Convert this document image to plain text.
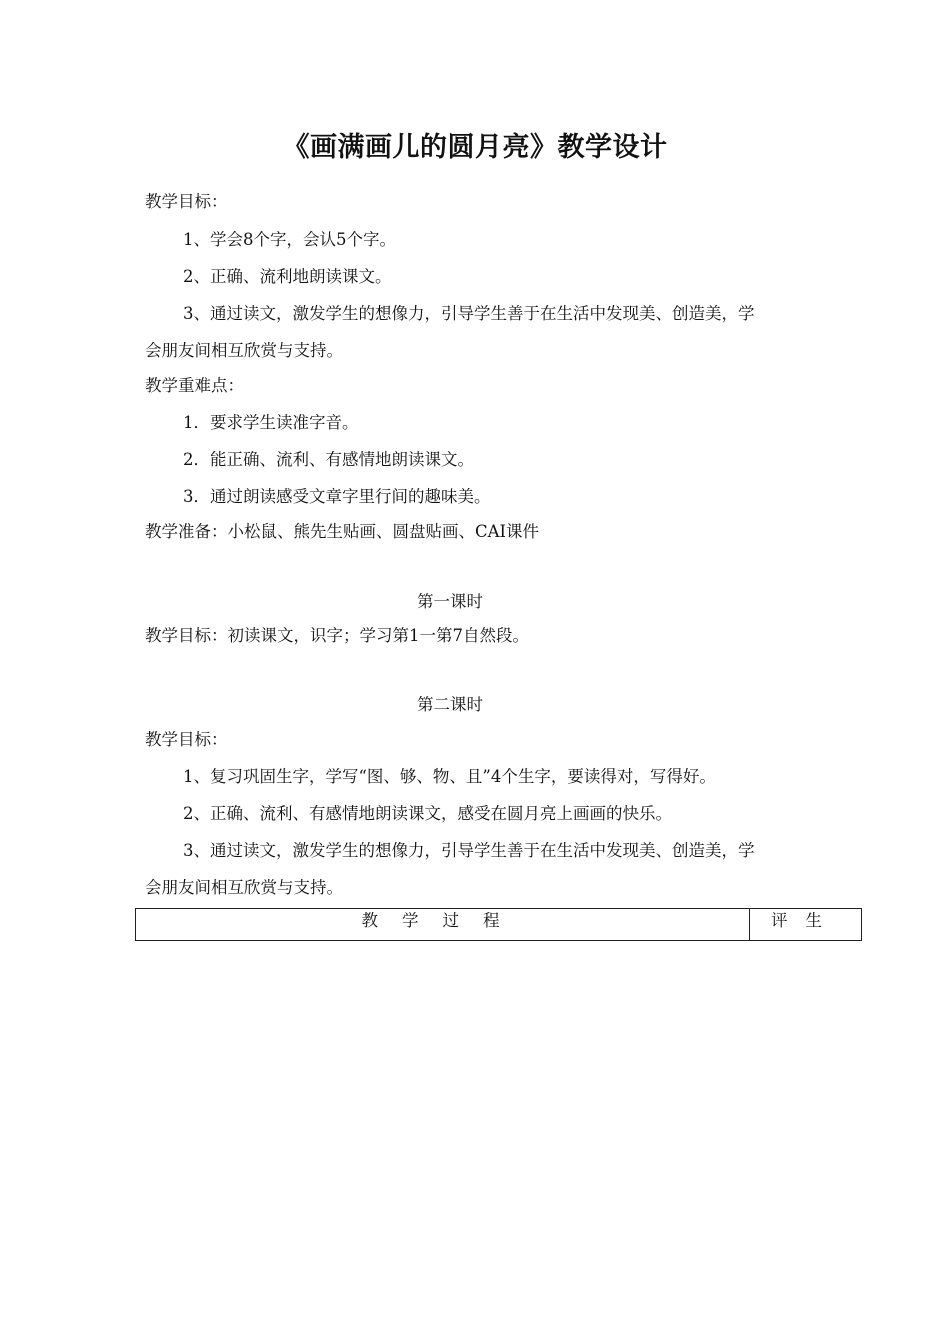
《画满画儿的圆月亮》教学设计
教学目标：
1、学会8个字，会认5个字。
2、正确、流利地朗读课文。
3、通过读文，激发学生的想像力，引导学生善于在生活中发现美、创造美，学
会朋友间相互欣赏与支持。
教学重难点：
1．要求学生读准字音。
2．能正确、流利、有感情地朗读课文。
3．通过朗读感受文章字里行间的趣味美。
教学准备：小松鼠、熊先生贴画、圆盘贴画、CAI课件
第一课时
教学目标：初读课文，识字；学习第1一第7自然段。
第二课时
教学目标：
1、复习巩固生字，学写“图、够、物、且”4个生字，要读得对，写得好。
2、正确、流利、有感情地朗读课文，感受在圆月亮上画画的快乐。
3、通过读文，激发学生的想像力，引导学生善于在生活中发现美、创造美，学
会朋友间相互欣赏与支持。
教学过程	评生
